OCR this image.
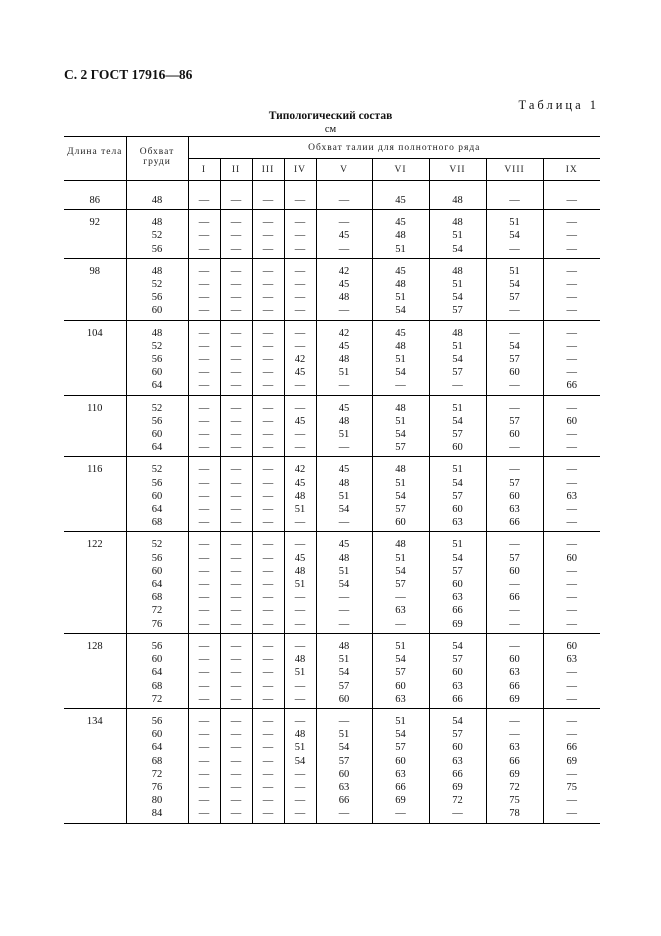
С. 2 ГОСТ 17916—86
Таблица 1
Типологический состав
см
Длина тела	Обхват груди	Обхват талии для полнотного ряда								
		I	II	III	IV	V	VI	VII	VIII	IX

86	48	—	—	—	—	—	45	48	—	—
92	48	—	—	—	—	—	45	48	51	—
	52	—	—	—	—	45	48	51	54	—
	56	—	—	—	—	—	51	54	—	—
98	48	—	—	—	—	42	45	48	51	—
	52	—	—	—	—	45	48	51	54	—
	56	—	—	—	—	48	51	54	57	—
	60	—	—	—	—	—	54	57	—	—
104	48	—	—	—	—	42	45	48	—	—
	52	—	—	—	—	45	48	51	54	—
	56	—	—	—	42	48	51	54	57	—
	60	—	—	—	45	51	54	57	60	—
	64	—	—	—	—	—	—	—	—	66
110	52	—	—	—	—	45	48	51	—	—
	56	—	—	—	45	48	51	54	57	60
	60	—	—	—	—	51	54	57	60	—
	64	—	—	—	—	—	57	60	—	—
116	52	—	—	—	42	45	48	51	—	—
	56	—	—	—	45	48	51	54	57	—
	60	—	—	—	48	51	54	57	60	63
	64	—	—	—	51	54	57	60	63	—
	68	—	—	—	—	—	60	63	66	—
122	52	—	—	—	—	45	48	51	—	—
	56	—	—	—	45	48	51	54	57	60
	60	—	—	—	48	51	54	57	60	—
	64	—	—	—	51	54	57	60	—	—
	68	—	—	—	—	—	—	63	66	—
	72	—	—	—	—	—	63	66	—	—
	76	—	—	—	—	—	—	69	—	—
128	56	—	—	—	—	48	51	54	—	60
	60	—	—	—	48	51	54	57	60	63
	64	—	—	—	51	54	57	60	63	—
	68	—	—	—	—	57	60	63	66	—
	72	—	—	—	—	60	63	66	69	—
134	56	—	—	—	—	—	51	54	—	—
	60	—	—	—	48	51	54	57	—	—
	64	—	—	—	51	54	57	60	63	66
	68	—	—	—	54	57	60	63	66	69
	72	—	—	—	—	60	63	66	69	—
	76	—	—	—	—	63	66	69	72	75
	80	—	—	—	—	66	69	72	75	—
	84	—	—	—	—	—	—	—	78	—
